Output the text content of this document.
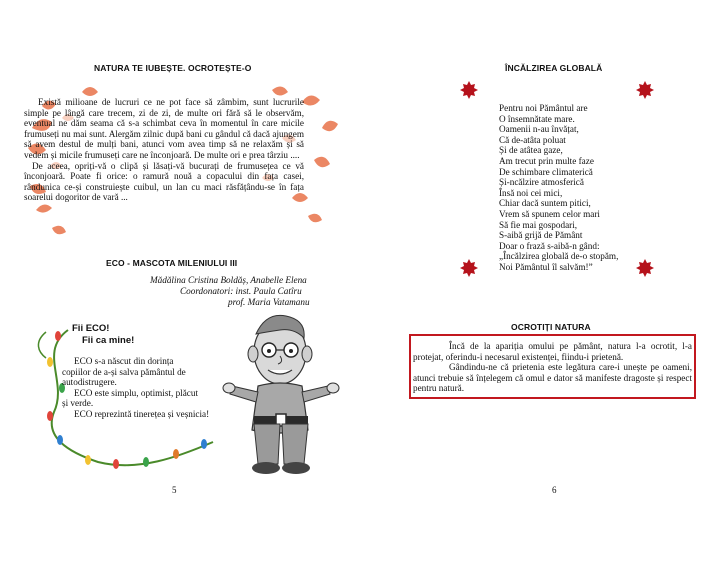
NATURA TE IUBEȘTE. OCROTEȘTE-O

Există milioane de lucruri ce ne pot face să zâmbim, sunt lucrurile simple pe lângă care trecem, zi de zi, de multe ori fără să le observăm, eventual ne dăm seama că s-a schimbat ceva în momentul în care micile frumuseți nu mai sunt. Alergăm zilnic după bani cu gândul că dacă ajungem să avem destul de mulți bani, atunci vom avea timp să ne relaxăm și să vedem și micile frumuseți care ne înconjoară. De multe ori e prea târziu ....

De aceea, opriți-vă o clipă și lăsați-vă bucurați de frumusețea ce vă înconjoară. Poate fi orice: o ramură nouă a copacului din fața casei, rândunica ce-și construiește cuibul, un lan cu maci răsfățându-se în fața soarelui dogoritor de vară ...

ECO - MASCOTA MILENIULUI III
Mădălina Cristina Boldăș, Anabelle Elena
Coordonatori: inst. Paula Catîru
prof. Maria Vatamanu
Fii ECO!
Fii ca mine!
ECO s-a născut din dorința
copiilor de a-și salva pământul de
autodistrugere.
ECO este simplu, optimist, plăcut
și verde.
ECO reprezintă tinerețea și veșnicia!
5
ÎNCĂLZIREA GLOBALĂ
Pentru noi Pământul are
O însemnătate mare.
Oamenii n-au învățat,
Că de-atâta poluat
Și de atâtea gaze,
Am trecut prin multe faze
De schimbare climaterică
Și-ncălzire atmosferică
Însă noi cei mici,
Chiar dacă suntem pitici,
Vrem să spunem celor mari
Să fie mai gospodari,
S-aibă grijă de Pământ
Doar o frază s-aibă-n gând:
„Încălzirea globală de-o stopăm,
Noi Pământul îl salvăm!”
OCROTIȚI NATURA

Încă de la apariția omului pe pământ, natura l-a ocrotit, l-a protejat, oferindu-i necesarul existenței, fiindu-i prietenă.

Gândindu-ne că prietenia este legătura care-i unește pe oameni, atunci trebuie să înțelegem că omul e dator să manifeste dragoste și respect pentru natură.

6
